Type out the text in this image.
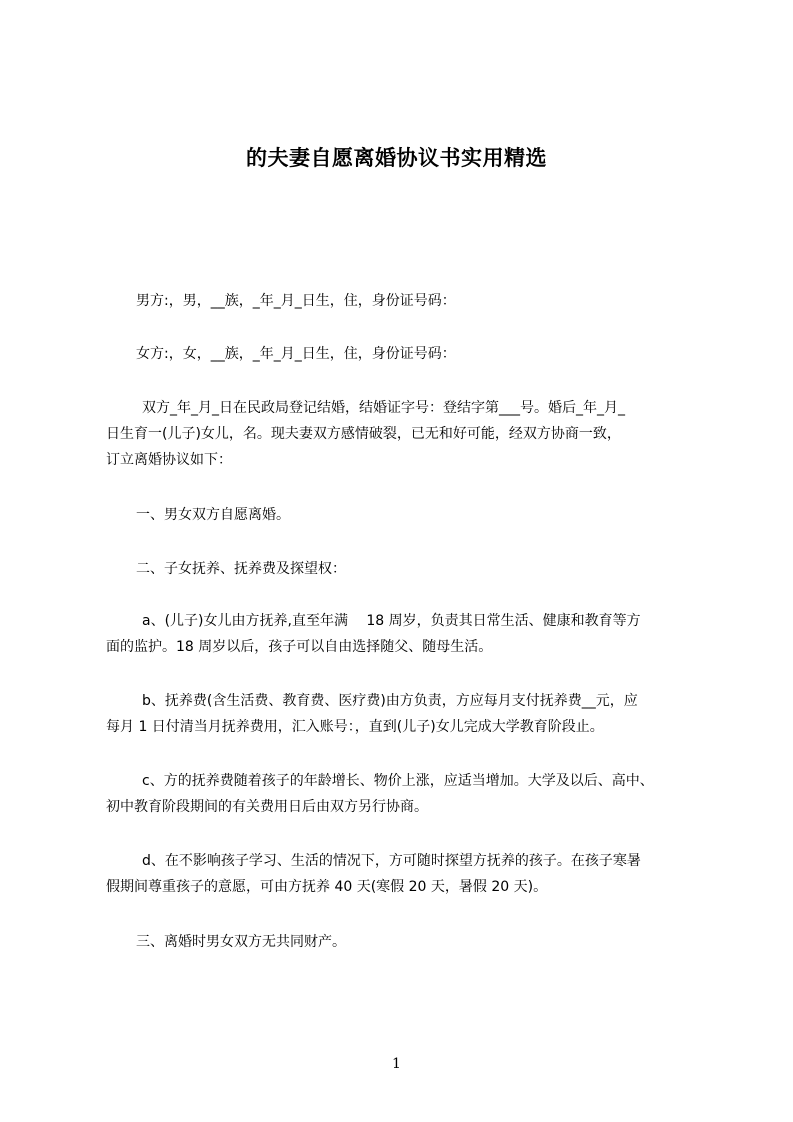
的夫妻自愿离婚协议书实用精选
男方:，男，__族，_年_月_日生，住，身份证号码：
女方:，女，__族，_年_月_日生，住，身份证号码：
双方_年_月_日在民政局登记结婚，结婚证字号：登结字第___号。婚后_年_月_
日生育一(儿子)女儿，名。现夫妻双方感情破裂，已无和好可能，经双方协商一致，
订立离婚协议如下：
一、男女双方自愿离婚。
二、子女抚养、抚养费及探望权：
a、(儿子)女儿由方抚养,直至年满　 18 周岁，负责其日常生活、健康和教育等方
面的监护。18 周岁以后，孩子可以自由选择随父、随母生活。
b、抚养费(含生活费、教育费、医疗费)由方负责，方应每月支付抚养费__元，应
每月 1 日付清当月抚养费用，汇入账号：，直到(儿子)女儿完成大学教育阶段止。
c、方的抚养费随着孩子的年龄增长、物价上涨，应适当增加。大学及以后、高中、
初中教育阶段期间的有关费用日后由双方另行协商。
d、在不影响孩子学习、生活的情况下，方可随时探望方抚养的孩子。在孩子寒暑
假期间尊重孩子的意愿，可由方抚养 40 天(寒假 20 天，暑假 20 天)。
三、离婚时男女双方无共同财产。
1
